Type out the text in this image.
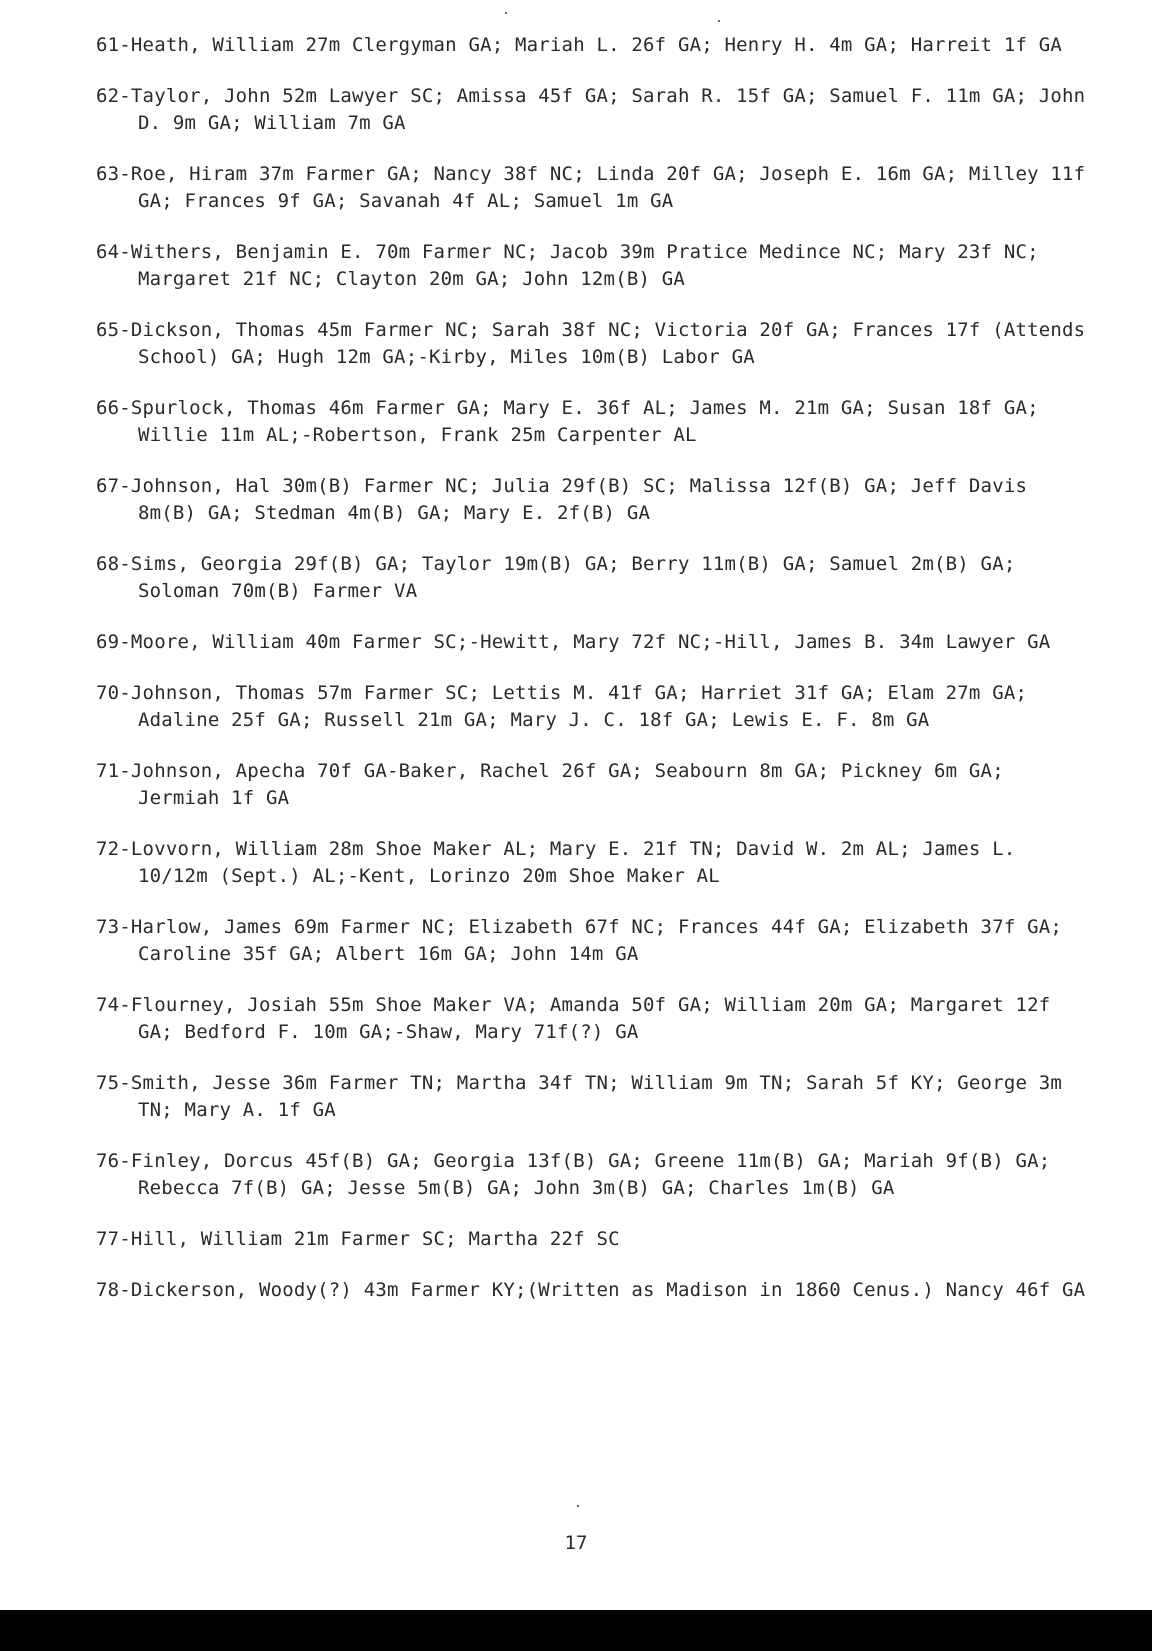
61-Heath, William 27m Clergyman GA; Mariah L. 26f GA; Henry H. 4m GA; Harreit 1f GA

62-Taylor, John 52m Lawyer SC; Amissa 45f GA; Sarah R. 15f GA; Samuel F. 11m GA; John D. 9m GA; William 7m GA

63-Roe, Hiram 37m Farmer GA; Nancy 38f NC; Linda 20f GA; Joseph E. 16m GA; Milley 11f GA; Frances 9f GA; Savanah 4f AL; Samuel 1m GA

64-Withers, Benjamin E. 70m Farmer NC; Jacob 39m Pratice Medince NC; Mary 23f NC; Margaret 21f NC; Clayton 20m GA; John 12m(B) GA

65-Dickson, Thomas 45m Farmer NC; Sarah 38f NC; Victoria 20f GA; Frances 17f (Attends School) GA; Hugh 12m GA;-Kirby, Miles 10m(B) Labor GA

66-Spurlock, Thomas 46m Farmer GA; Mary E. 36f AL; James M. 21m GA; Susan 18f GA; Willie 11m AL;-Robertson, Frank 25m Carpenter AL

67-Johnson, Hal 30m(B) Farmer NC; Julia 29f(B) SC; Malissa 12f(B) GA; Jeff Davis 8m(B) GA; Stedman 4m(B) GA; Mary E. 2f(B) GA

68-Sims, Georgia 29f(B) GA; Taylor 19m(B) GA; Berry 11m(B) GA; Samuel 2m(B) GA; Soloman 70m(B) Farmer VA

69-Moore, William 40m Farmer SC;-Hewitt, Mary 72f NC;-Hill, James B. 34m Lawyer GA

70-Johnson, Thomas 57m Farmer SC; Lettis M. 41f GA; Harriet 31f GA; Elam 27m GA; Adaline 25f GA; Russell 21m GA; Mary J. C. 18f GA; Lewis E. F. 8m GA

71-Johnson, Apecha 70f GA-Baker, Rachel 26f GA; Seabourn 8m GA; Pickney 6m GA; Jermiah 1f GA

72-Lovvorn, William 28m Shoe Maker AL; Mary E. 21f TN; David W. 2m AL; James L. 10/12m (Sept.) AL;-Kent, Lorinzo 20m Shoe Maker AL

73-Harlow, James 69m Farmer NC; Elizabeth 67f NC; Frances 44f GA; Elizabeth 37f GA; Caroline 35f GA; Albert 16m GA; John 14m GA

74-Flourney, Josiah 55m Shoe Maker VA; Amanda 50f GA; William 20m GA; Margaret 12f GA; Bedford F. 10m GA;-Shaw, Mary 71f(?) GA

75-Smith, Jesse 36m Farmer TN; Martha 34f TN; William 9m TN; Sarah 5f KY; George 3m TN; Mary A. 1f GA

76-Finley, Dorcus 45f(B) GA; Georgia 13f(B) GA; Greene 11m(B) GA; Mariah 9f(B) GA; Rebecca 7f(B) GA; Jesse 5m(B) GA; John 3m(B) GA; Charles 1m(B) GA

77-Hill, William 21m Farmer SC; Martha 22f SC

78-Dickerson, Woody(?) 43m Farmer KY;(Written as Madison in 1860 Cenus.) Nancy 46f GA

17
